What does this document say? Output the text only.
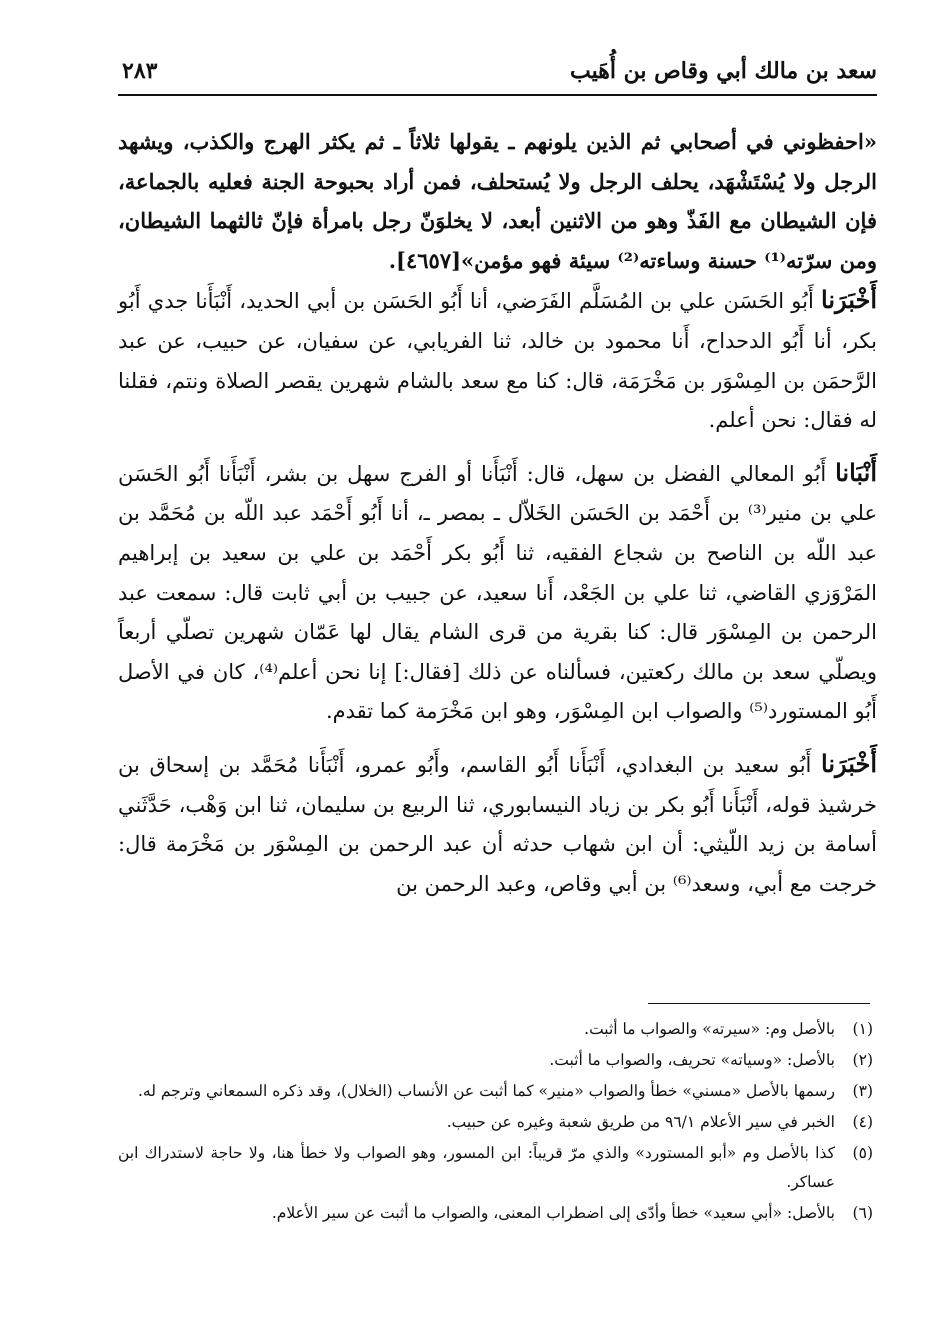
سعد بن مالك أبي وقاص بن أُهَيب
٢٨٣

«احفظوني في أصحابي ثم الذين يلونهم ـ يقولها ثلاثاً ـ ثم يكثر الهرج والكذب، ويشهد الرجل ولا يُسْتَشْهَد، يحلف الرجل ولا يُستحلف، فمن أراد بحبوحة الجنة فعليه بالجماعة، فإن الشيطان مع الفَذّ وهو من الاثنين أبعد، لا يخلوَنّ رجل بامرأة فإنّ ثالثهما الشيطان، ومن سرّته⁽¹⁾ حسنة وساءته⁽²⁾ سيئة فهو مؤمن»[٤٦٥٧].

أَخْبَرَنا أَبُو الحَسَن علي بن المُسَلَّم الفَرَضي، أنا أَبُو الحَسَن بن أبي الحديد، أَنْبَأَنا جدي أَبُو بكر، أنا أَبُو الدحداح، أَنا محمود بن خالد، ثنا الفريابي، عن سفيان، عن حبيب، عن عبد الرَّحمَن بن المِسْوَر بن مَخْرَمَة، قال: كنا مع سعد بالشام شهرين يقصر الصلاة ونتم، فقلنا له فقال: نحن أعلم.

أَنْبَانا أَبُو المعالي الفضل بن سهل، قال: أَنْبَأَنا أو الفرج سهل بن بشر، أَنْبَأَنا أَبُو الحَسَن علي بن منير⁽³⁾ بن أَحْمَد بن الحَسَن الخَلاّل ـ بمصر ـ، أنا أَبُو أَحْمَد عبد اللّه بن مُحَمَّد بن عبد اللّه بن الناصح بن شجاع الفقيه، ثنا أَبُو بكر أَحْمَد بن علي بن سعيد بن إبراهيم المَرْوَزي القاضي، ثنا علي بن الجَعْد، أَنا سعيد، عن جبيب بن أبي ثابت قال: سمعت عبد الرحمن بن المِسْوَر قال: كنا بقرية من قرى الشام يقال لها عَمّان شهرين تصلّي أربعاً ويصلّي سعد بن مالك ركعتين، فسألناه عن ذلك [فقال:] إنا نحن أعلم⁽⁴⁾، كان في الأصل أَبُو المستورد⁽⁵⁾ والصواب ابن المِسْوَر، وهو ابن مَخْرَمة كما تقدم.

أَخْبَرَنا أَبُو سعيد بن البغدادي، أَنْبَأَنا أَبُو القاسم، وأَبُو عمرو، أَنْبَأَنا مُحَمَّد بن إسحاق بن خرشيذ قوله، أَنْبَأَنا أَبُو بكر بن زياد النيسابوري، ثنا الربيع بن سليمان، ثنا ابن وَهْب، حَدَّثَني أسامة بن زيد اللّيثي: أن ابن شهاب حدثه أن عبد الرحمن بن المِسْوَر بن مَخْرَمة قال: خرجت مع أبي، وسعد⁽⁶⁾ بن أبي وقاص، وعبد الرحمن بن

(١)
بالأصل وم: «سيرته» والصواب ما أثبت.
(٢)
بالأصل: «وسياته» تحريف، والصواب ما أثبت.
(٣)
رسمها بالأصل «مسني» خطأ والصواب «منير» كما أثبت عن الأنساب (الخلال)، وقد ذكره السمعاني وترجم له.
(٤)
الخبر في سير الأعلام ٩٦/١ من طريق شعبة وغيره عن حبيب.
(٥)
كذا بالأصل وم «أبو المستورد» والذي مرّ قريباً: ابن المسور، وهو الصواب ولا خطأ هنا، ولا حاجة لاستدراك ابن عساكر.
(٦)
بالأصل: «أبي سعيد» خطأ وأدّى إلى اضطراب المعنى، والصواب ما أثبت عن سير الأعلام.
